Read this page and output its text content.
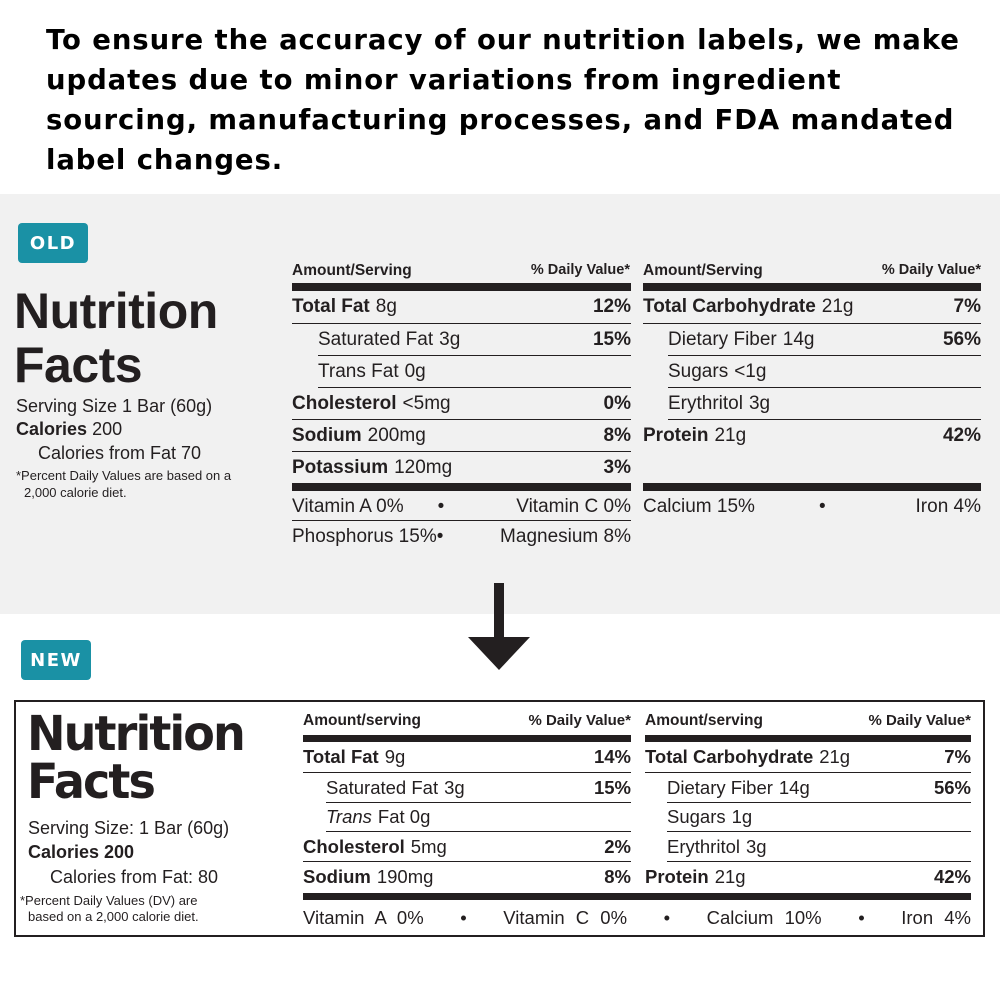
To ensure the accuracy of our nutrition labels, we make updates due to minor variations from ingredient sourcing, manufacturing processes, and FDA mandated label changes.

OLD
Nutrition
Facts
Serving Size 1 Bar (60g)
Calories 200
Calories from Fat 70
*Percent Daily Values are based on a
2,000 calorie diet.
Amount/Serving	% Daily Value*
Total Fat 8g	12%
Saturated Fat 3g	15%
Trans Fat 0g
Cholesterol <5mg	0%
Sodium 200mg	8%
Potassium 120mg	3%
Vitamin A 0% •	Vitamin C 0%
Phosphorus 15% •	Magnesium 8%
Amount/Serving	% Daily Value*
Total Carbohydrate 21g	7%
Dietary Fiber 14g	56%
Sugars <1g
Erythritol 3g
Protein 21g	42%
Calcium 15%	•	Iron 4%
NEW
Nutrition
Facts
Serving Size: 1 Bar (60g)
Calories 200
Calories from Fat: 80
*Percent Daily Values (DV) are
based on a 2,000 calorie diet.
Amount/serving	% Daily Value*
Total Fat 9g	14%
Saturated Fat 3g	15%
Trans Fat 0g
Cholesterol 5mg	2%
Sodium 190mg	8%
Amount/serving	% Daily Value*
Total Carbohydrate 21g	7%
Dietary Fiber 14g	56%
Sugars 1g
Erythritol 3g
Protein 21g	42%
Vitamin A 0% • Vitamin C 0% • Calcium 10% • Iron 4%
